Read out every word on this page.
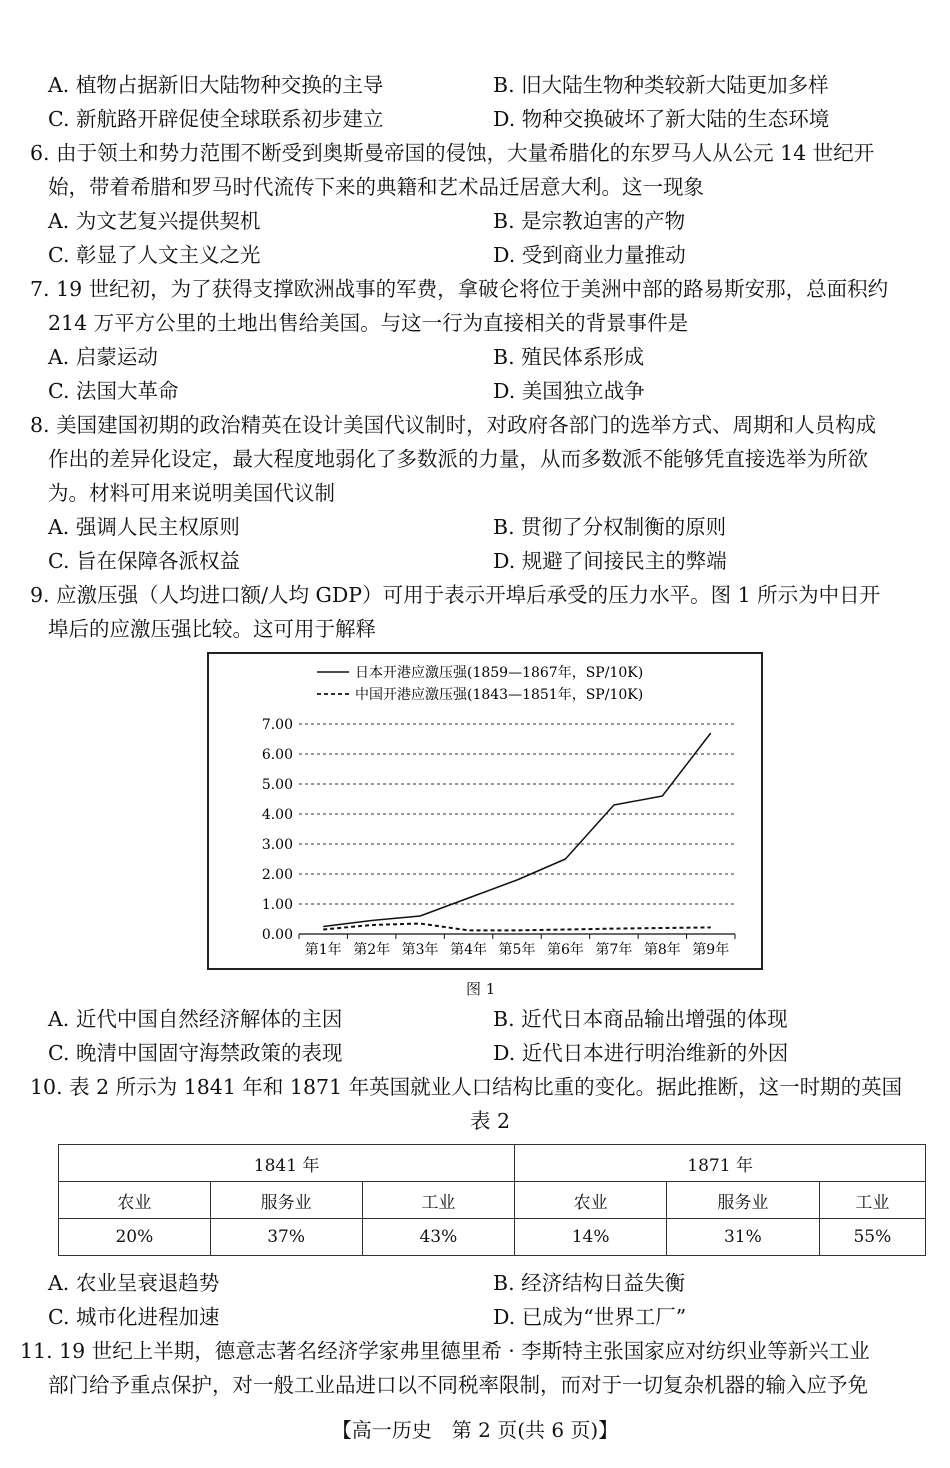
A. 植物占据新旧大陆物种交换的主导	B. 旧大陆生物种类较新大陆更加多样
C. 新航路开辟促使全球联系初步建立	D. 物种交换破坏了新大陆的生态环境
6. 由于领土和势力范围不断受到奥斯曼帝国的侵蚀，大量希腊化的东罗马人从公元 14 世纪开
始，带着希腊和罗马时代流传下来的典籍和艺术品迁居意大利。这一现象
A. 为文艺复兴提供契机	B. 是宗教迫害的产物
C. 彰显了人文主义之光	D. 受到商业力量推动
7. 19 世纪初，为了获得支撑欧洲战事的军费，拿破仑将位于美洲中部的路易斯安那，总面积约
214 万平方公里的土地出售给美国。与这一行为直接相关的背景事件是
A. 启蒙运动	B. 殖民体系形成
C. 法国大革命	D. 美国独立战争
8. 美国建国初期的政治精英在设计美国代议制时，对政府各部门的选举方式、周期和人员构成
作出的差异化设定，最大程度地弱化了多数派的力量，从而多数派不能够凭直接选举为所欲
为。材料可用来说明美国代议制
A. 强调人民主权原则	B. 贯彻了分权制衡的原则
C. 旨在保障各派权益	D. 规避了间接民主的弊端
9. 应激压强（人均进口额/人均 GDP）可用于表示开埠后承受的压力水平。图 1 所示为中日开
埠后的应激压强比较。这可用于解释
日本开港应激压强(1859—1867年，SP/10K)
中国开港应激压强(1843—1851年，SP/10K)
0.00
1.00
2.00
3.00
4.00
5.00
6.00
7.00
第1年 第2年 第3年 第4年 第5年 第6年 第7年 第8年 第9年
图 1
A. 近代中国自然经济解体的主因	B. 近代日本商品输出增强的体现
C. 晚清中国固守海禁政策的表现	D. 近代日本进行明治维新的外因
10. 表 2 所示为 1841 年和 1871 年英国就业人口结构比重的变化。据此推断，这一时期的英国
表 2
1841 年			1871 年		
农业	服务业	工业	农业	服务业	工业
20%	37%	43%	14%	31%	55%
A. 农业呈衰退趋势	B. 经济结构日益失衡
C. 城市化进程加速	D. 已成为“世界工厂”
11. 19 世纪上半期，德意志著名经济学家弗里德里希 · 李斯特主张国家应对纺织业等新兴工业
部门给予重点保护，对一般工业品进口以不同税率限制，而对于一切复杂机器的输入应予免
【高一历史　第 2 页(共 6 页)】
